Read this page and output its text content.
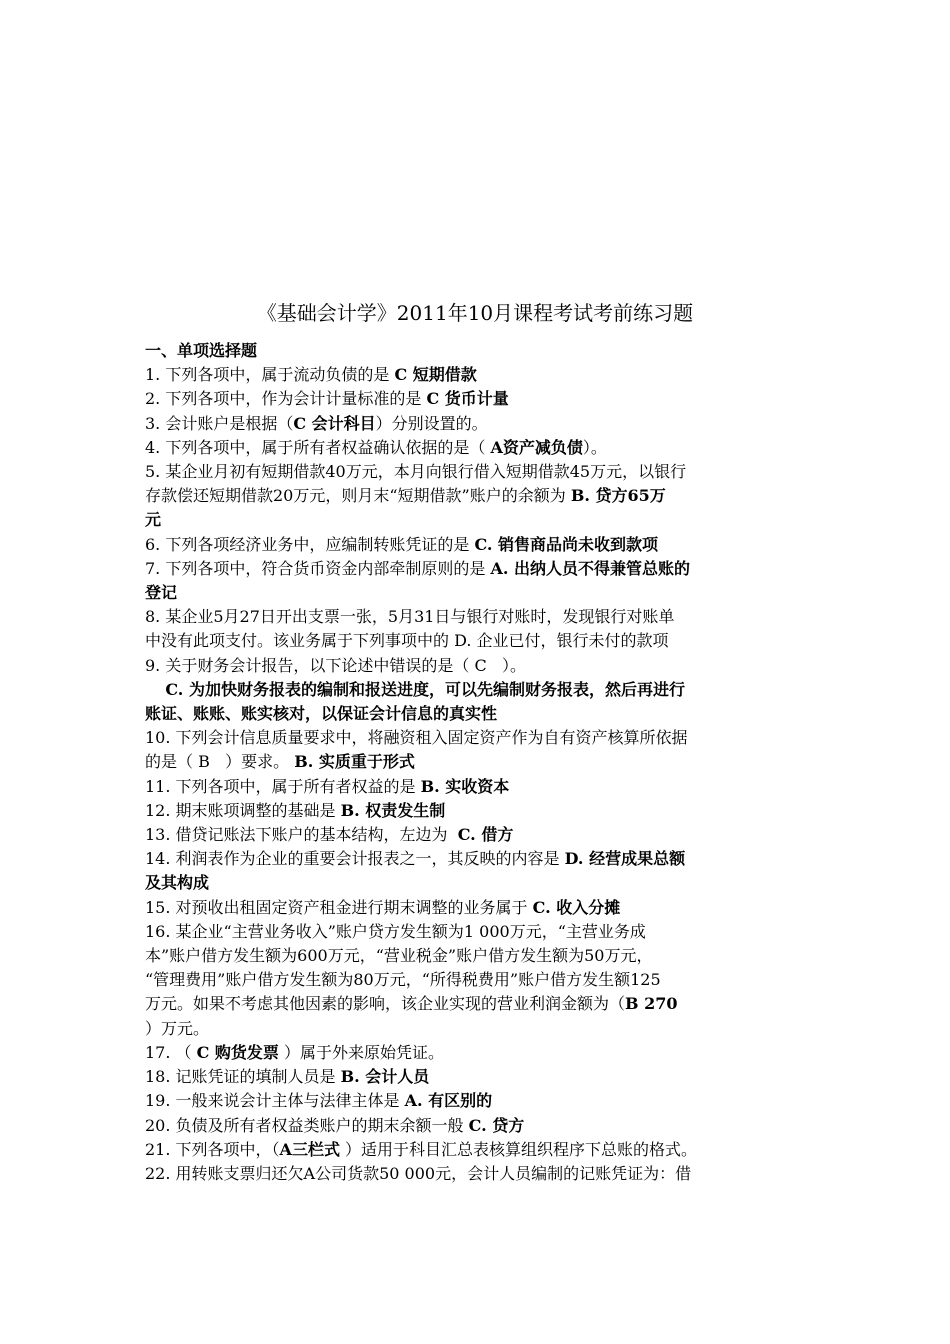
《基础会计学》2011年10月课程考试考前练习题
一、单项选择题
1. 下列各项中，属于流动负债的是 C 短期借款
2. 下列各项中，作为会计计量标准的是 C 货币计量
3. 会计账户是根据（C 会计科目）分别设置的。
4. 下列各项中，属于所有者权益确认依据的是（ A资产减负债）。
5. 某企业月初有短期借款40万元，本月向银行借入短期借款45万元，以银行
存款偿还短期借款20万元，则月末“短期借款”账户的余额为 B. 贷方65万
元
6. 下列各项经济业务中，应编制转账凭证的是 C. 销售商品尚未收到款项
7. 下列各项中，符合货币资金内部牵制原则的是 A. 出纳人员不得兼管总账的
登记
8. 某企业5月27日开出支票一张，5月31日与银行对账时，发现银行对账单
中没有此项支付。该业务属于下列事项中的 D. 企业已付，银行未付的款项
9. 关于财务会计报告，以下论述中错误的是（ C   ）。
C. 为加快财务报表的编制和报送进度，可以先编制财务报表，然后再进行
账证、账账、账实核对，以保证会计信息的真实性
10. 下列会计信息质量要求中，将融资租入固定资产作为自有资产核算所依据
的是（ B   ）要求。 B. 实质重于形式
11. 下列各项中，属于所有者权益的是 B. 实收资本
12. 期末账项调整的基础是 B. 权责发生制
13. 借贷记账法下账户的基本结构，左边为  C. 借方
14. 利润表作为企业的重要会计报表之一，其反映的内容是 D. 经营成果总额
及其构成
15. 对预收出租固定资产租金进行期末调整的业务属于 C. 收入分摊
16. 某企业“主营业务收入”账户贷方发生额为1 000万元，“主营业务成
本”账户借方发生额为600万元，“营业税金”账户借方发生额为50万元，
“管理费用”账户借方发生额为80万元，“所得税费用”账户借方发生额125
万元。如果不考虑其他因素的影响，该企业实现的营业利润金额为（B 270
）万元。
17. （ C 购货发票 ）属于外来原始凭证。
18. 记账凭证的填制人员是 B. 会计人员
19. 一般来说会计主体与法律主体是 A. 有区别的
20. 负债及所有者权益类账户的期末余额一般 C. 贷方
21. 下列各项中，（A三栏式 ）适用于科目汇总表核算组织程序下总账的格式。
22. 用转账支票归还欠A公司货款50 000元，会计人员编制的记账凭证为：借
